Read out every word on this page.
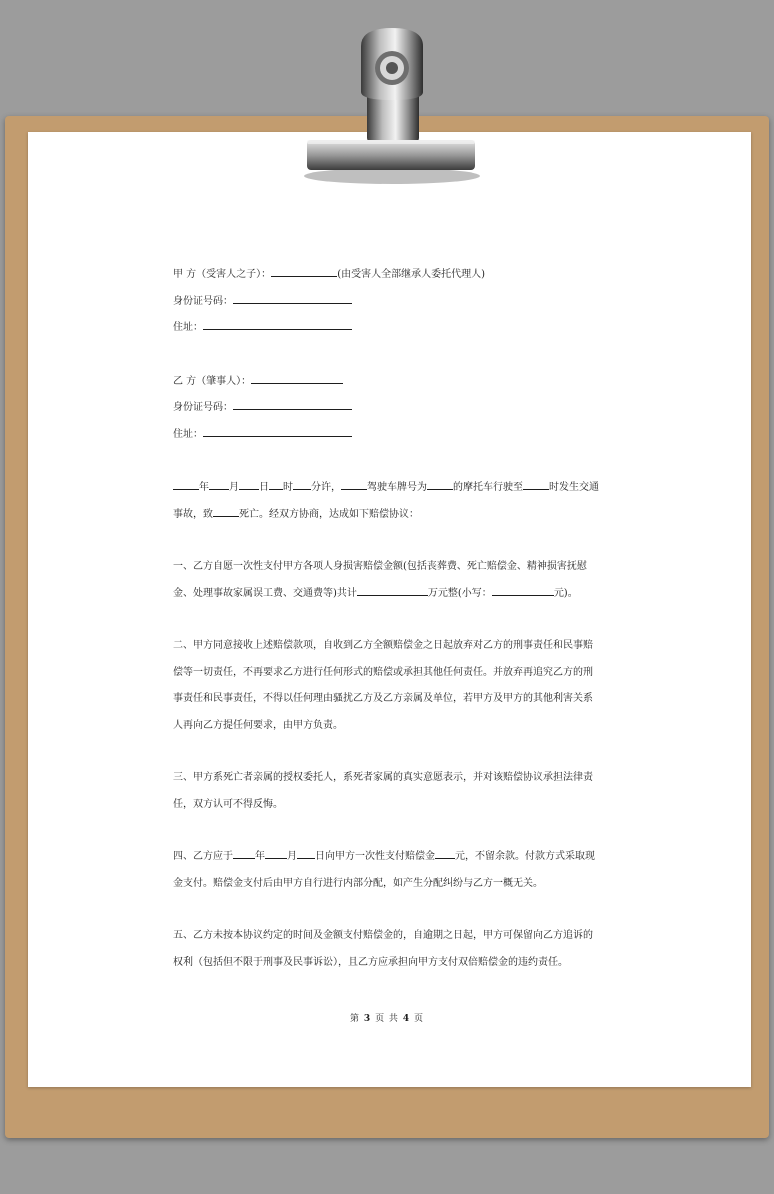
甲 方（受害人之子）：	(由受害人全部继承人委托代理人)

身份证号码：

住址：

乙 方（肇事人）：

身份证号码：

住址：

年 月 日 时 分许，	驾驶车牌号为	的摩托车行驶至	时发生交通

事故，致	死亡。经双方协商，达成如下赔偿协议：

一、乙方自愿一次性支付甲方各项人身损害赔偿金额(包括丧葬费、死亡赔偿金、精神损害抚慰

金、处理事故家属误工费、交通费等)共计	万元整(小写：	元)。

二、甲方同意接收上述赔偿款项，自收到乙方全额赔偿金之日起放弃对乙方的刑事责任和民事赔

偿等一切责任，不再要求乙方进行任何形式的赔偿或承担其他任何责任。并放弃再追究乙方的刑

事责任和民事责任，不得以任何理由骚扰乙方及乙方亲属及单位，若甲方及甲方的其他利害关系

人再向乙方提任何要求，由甲方负责。

三、甲方系死亡者亲属的授权委托人，系死者家属的真实意愿表示，并对该赔偿协议承担法律责

任，双方认可不得反悔。

四、乙方应于 年 月 日向甲方一次性支付赔偿金 元，不留余款。付款方式采取现

金支付。赔偿金支付后由甲方自行进行内部分配，如产生分配纠纷与乙方一概无关。

五、乙方未按本协议约定的时间及金额支付赔偿金的，自逾期之日起，甲方可保留向乙方追诉的

权利（包括但不限于刑事及民事诉讼），且乙方应承担向甲方支付双倍赔偿金的违约责任。

第 3 页 共 4 页
